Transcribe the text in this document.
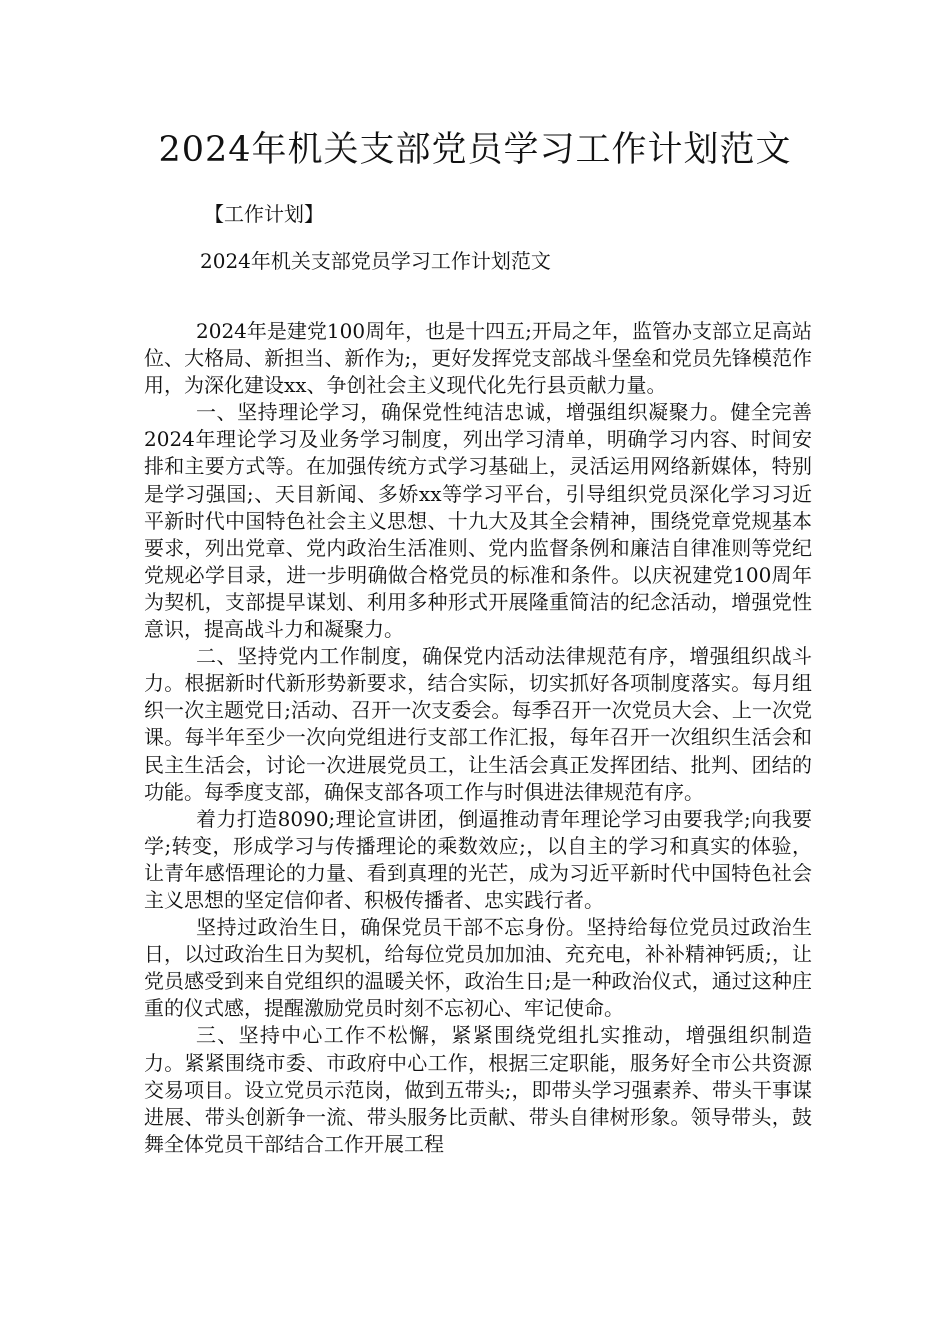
2024年机关支部党员学习工作计划范文
【工作计划】
2024年机关支部党员学习工作计划范文

2024年是建党100周年，也是十四五;开局之年，监管办支部立足高站位、大格局、新担当、新作为;，更好发挥党支部战斗堡垒和党员先锋模范作用，为深化建设xx、争创社会主义现代化先行县贡献力量。

一、坚持理论学习，确保党性纯洁忠诚，增强组织凝聚力。健全完善2024年理论学习及业务学习制度，列出学习清单，明确学习内容、时间安排和主要方式等。在加强传统方式学习基础上，灵活运用网络新媒体，特别是学习强国;、天目新闻、多娇xx等学习平台，引导组织党员深化学习习近平新时代中国特色社会主义思想、十九大及其全会精神，围绕党章党规基本要求，列出党章、党内政治生活准则、党内监督条例和廉洁自律准则等党纪党规必学目录，进一步明确做合格党员的标准和条件。以庆祝建党100周年为契机，支部提早谋划、利用多种形式开展隆重简洁的纪念活动，增强党性意识，提高战斗力和凝聚力。

二、坚持党内工作制度，确保党内活动法律规范有序，增强组织战斗力。根据新时代新形势新要求，结合实际，切实抓好各项制度落实。每月组织一次主题党日;活动、召开一次支委会。每季召开一次党员大会、上一次党课。每半年至少一次向党组进行支部工作汇报，每年召开一次组织生活会和民主生活会，讨论一次进展党员工，让生活会真正发挥团结、批判、团结的功能。每季度支部，确保支部各项工作与时俱进法律规范有序。

着力打造8090;理论宣讲团，倒逼推动青年理论学习由要我学;向我要学;转变，形成学习与传播理论的乘数效应;，以自主的学习和真实的体验，让青年感悟理论的力量、看到真理的光芒，成为习近平新时代中国特色社会主义思想的坚定信仰者、积极传播者、忠实践行者。

坚持过政治生日，确保党员干部不忘身份。坚持给每位党员过政治生日，以过政治生日为契机，给每位党员加加油、充充电，补补精神钙质;，让党员感受到来自党组织的温暖关怀，政治生日;是一种政治仪式，通过这种庄重的仪式感，提醒激励党员时刻不忘初心、牢记使命。

三、坚持中心工作不松懈，紧紧围绕党组扎实推动，增强组织制造力。紧紧围绕市委、市政府中心工作，根据三定职能，服务好全市公共资源交易项目。设立党员示范岗，做到五带头;，即带头学习强素养、带头干事谋进展、带头创新争一流、带头服务比贡献、带头自律树形象。领导带头，鼓舞全体党员干部结合工作开展工程
